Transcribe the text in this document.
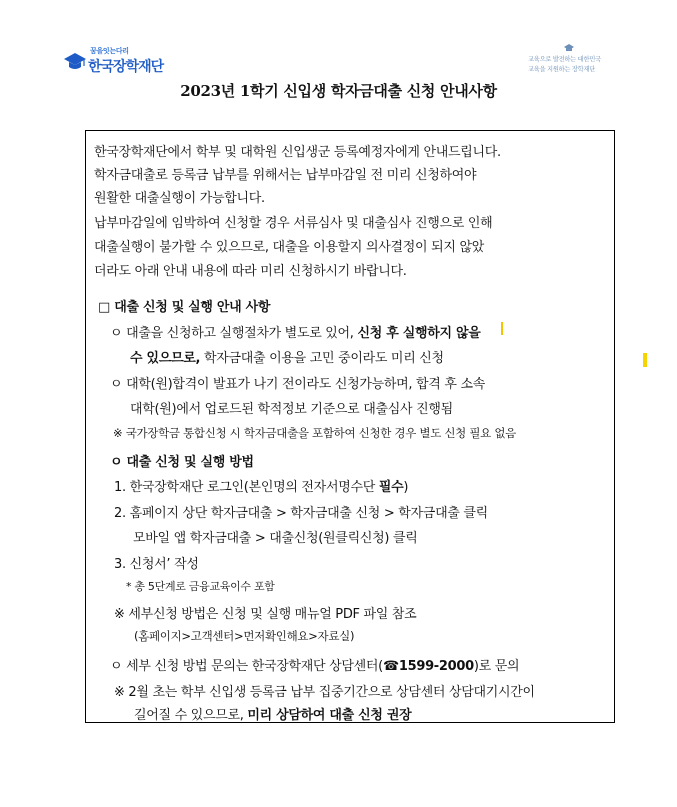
꿈을잇는다리
한국장학재단	교육으로 발전하는 대한민국
교육을 지원하는 장학재단
2023년 1학기 신입생 학자금대출 신청 안내사항
한국장학재단에서 학부 및 대학원 신입생군 등록예정자에게 안내드립니다.
학자금대출로 등록금 납부를 위해서는 납부마감일 전 미리 신청하여야
원활한 대출실행이 가능합니다.
납부마감일에 임박하여 신청할 경우 서류심사 및 대출심사 진행으로 인해
대출실행이 불가할 수 있으므로, 대출을 이용할지 의사결정이 되지 않았
더라도 아래 안내 내용에 따라 미리 신청하시기 바랍니다.
□ 대출 신청 및 실행 안내 사항
ㅇ 대출을 신청하고 실행절차가 별도로 있어, 신청 후 실행하지 않을
수 있으므로, 학자금대출 이용을 고민 중이라도 미리 신청
ㅇ 대학(원)합격이 발표가 나기 전이라도 신청가능하며, 합격 후 소속
대학(원)에서 업로드된 학적정보 기준으로 대출심사 진행됨
※ 국가장학금 통합신청 시 학자금대출을 포함하여 신청한 경우 별도 신청 필요 없음
ㅇ 대출 신청 및 실행 방법
1. 한국장학재단 로그인(본인명의 전자서명수단 필수)
2. 홈페이지 상단 학자금대출 > 학자금대출 신청 > 학자금대출 클릭
모바일 앱 학자금대출 > 대출신청(원클릭신청) 클릭
3. 신청서’ 작성
* 총 5단계로 금융교육이수 포함
※ 세부신청 방법은 신청 및 실행 매뉴얼 PDF 파일 참조
(홈페이지>고객센터>먼저확인해요>자료실)
ㅇ 세부 신청 방법 문의는 한국장학재단 상담센터(☎1599-2000)로 문의
※ 2월 초는 학부 신입생 등록금 납부 집중기간으로 상담센터 상담대기시간이
길어질 수 있으므로, 미리 상담하여 대출 신청 권장
